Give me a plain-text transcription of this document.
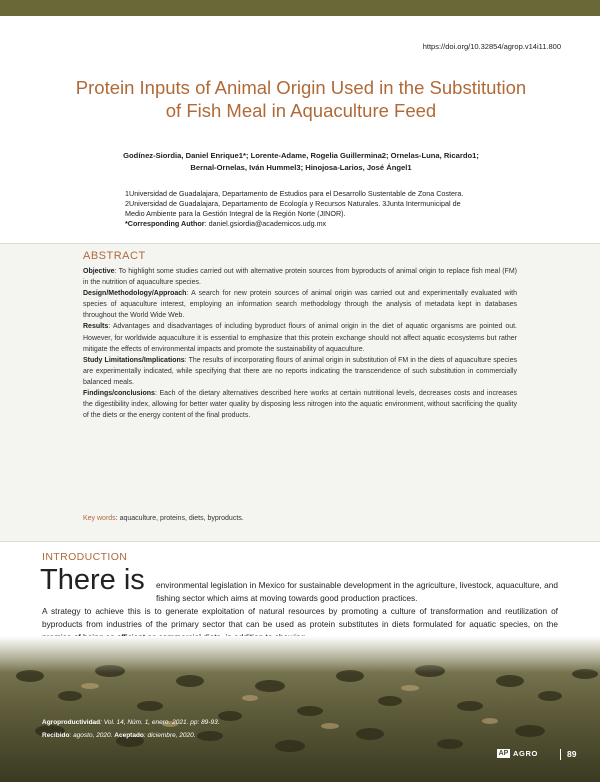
https://doi.org/10.32854/agrop.v14i11.800
Protein Inputs of Animal Origin Used in the Substitution
of Fish Meal in Aquaculture Feed
Godínez-Siordia, Daniel Enrique1*; Lorente-Adame, Rogelia Guillermina2; Ornelas-Luna, Ricardo1;
Bernal-Ornelas, Iván Hummel3; Hinojosa-Larios, José Ángel1
1Universidad de Guadalajara, Departamento de Estudios para el Desarrollo Sustentable de Zona Costera. 2Universidad de Guadalajara, Departamento de Ecología y Recursos Naturales. 3Junta Intermunicipal de Medio Ambiente para la Gestión Integral de la Región Norte (JINOR).
*Corresponding Author: daniel.gsiordia@academicos.udg.mx
ABSTRACT

Objective: To highlight some studies carried out with alternative protein sources from byproducts of animal origin to replace fish meal (FM) in the nutrition of aquaculture species.

Design/Methodology/Approach: A search for new protein sources of animal origin was carried out and experimentally evaluated with species of aquaculture interest, employing an information search methodology through the analysis of metadata kept in databases throughout the World Wide Web.

Results: Advantages and disadvantages of including byproduct flours of animal origin in the diet of aquatic organisms are pointed out. However, for worldwide aquaculture it is essential to emphasize that this protein exchange should not affect aquatic ecosystems but rather mitigate the effects of environmental impacts and promote the sustainability of aquaculture.

Study Limitations/Implications: The results of incorporating flours of animal origin in substitution of FM in the diets of aquaculture species are experimentally indicated, while specifying that there are no reports indicating the transcendence of such substitution in commercially balanced meals.

Findings/conclusions: Each of the dietary alternatives described here works at certain nutritional levels, decreases costs and increases the digestibility index, allowing for better water quality by disposing less nitrogen into the aquatic environment, without sacrificing the quality of the diets or the energy content of the final products.

Key words: aquaculture, proteins, diets, byproducts.
INTRODUCTION
There is environmental legislation in Mexico for sustainable development in the agriculture, livestock, aquaculture, and fishing sector which aims at moving towards good production practices.

A strategy to achieve this is to generate exploitation of natural resources by promoting a culture of transformation and reutilization of byproducts from industries of the primary sector that can be used as protein substitutes in diets formulated for aquatic species, on the

Agroproductividad: Vol. 14, Núm. 1, enero. 2021. pp: 89-93.
Recibido: agosto, 2020. Aceptado: diciembre, 2020.
AP AGRO	89
